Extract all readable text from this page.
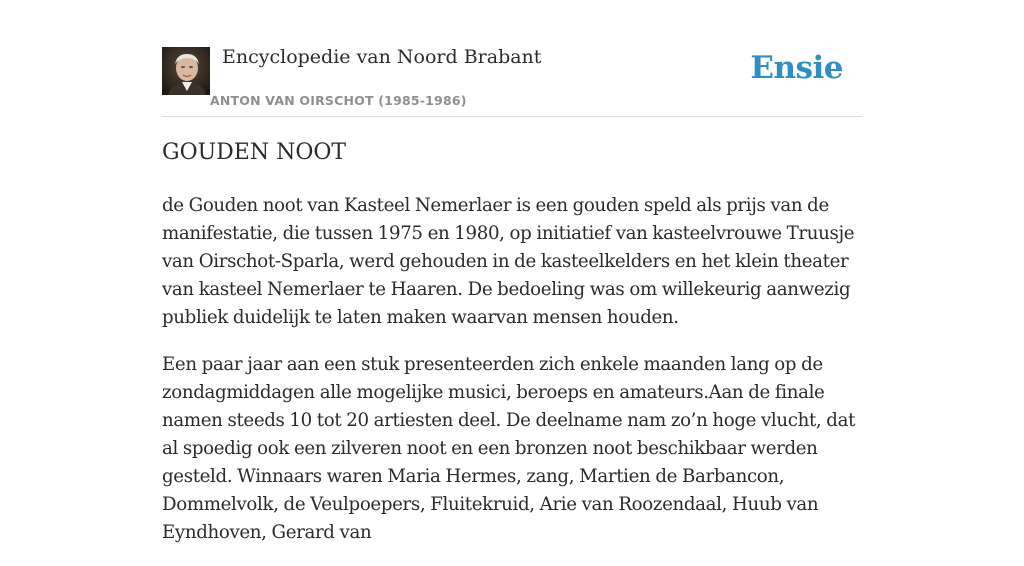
Encyclopedie van Noord Brabant
ANTON VAN OIRSCHOT (1985-1986)
Ensie
GOUDEN NOOT

de Gouden noot van Kasteel Nemerlaer is een gouden speld als prijs van de manifestatie, die tussen 1975 en 1980, op initiatief van kasteelvrouwe Truusje van Oirschot-Sparla, werd gehouden in de kasteelkelders en het klein theater van kasteel Nemerlaer te Haaren. De bedoeling was om willekeurig aanwezig publiek duidelijk te laten maken waarvan mensen houden.

Een paar jaar aan een stuk presenteerden zich enkele maanden lang op de zondagmiddagen alle mogelijke musici, beroeps en amateurs.Aan de finale namen steeds 10 tot 20 artiesten deel. De deelname nam zo’n hoge vlucht, dat al spoedig ook een zilveren noot en een bronzen noot beschikbaar werden gesteld. Winnaars waren Maria Hermes, zang, Martien de Barbancon, Dommelvolk, de Veulpoepers, Fluitekruid, Arie van Roozendaal, Huub van Eyndhoven, Gerard van
